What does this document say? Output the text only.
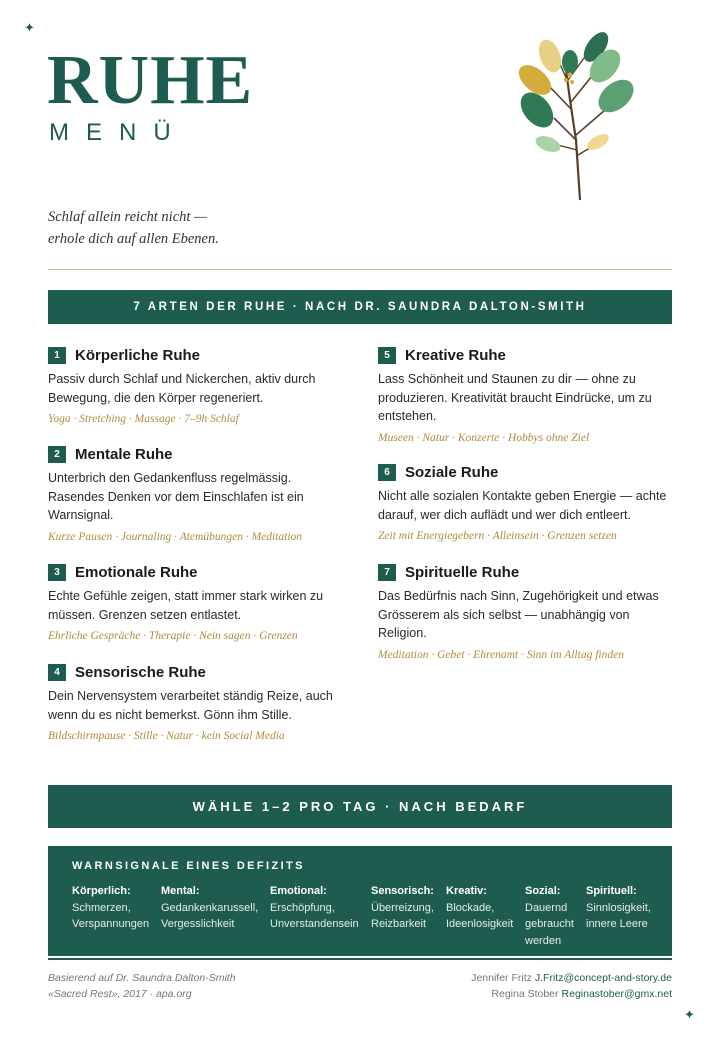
✦
✦
RUHE
MENÜ
Schlaf allein reicht nicht —
erhole dich auf allen Ebenen.
7 ARTEN DER RUHE · NACH DR. SAUNDRA DALTON-SMITH
1	Körperliche Ruhe
Passiv durch Schlaf und Nickerchen, aktiv durch Bewegung, die den Körper regeneriert.
Yoga · Stretching · Massage · 7–9h Schlaf
2	Mentale Ruhe
Unterbrich den Gedankenfluss regelmässig. Rasendes Denken vor dem Einschlafen ist ein Warnsignal.
Kurze Pausen · Journaling · Atemübungen · Meditation
3	Emotionale Ruhe
Echte Gefühle zeigen, statt immer stark wirken zu müssen. Grenzen setzen entlastet.
Ehrliche Gespräche · Therapie · Nein sagen · Grenzen
4	Sensorische Ruhe
Dein Nervensystem verarbeitet ständig Reize, auch wenn du es nicht bemerkst. Gönn ihm Stille.
Bildschirmpause · Stille · Natur · kein Social Media
5	Kreative Ruhe
Lass Schönheit und Staunen zu dir — ohne zu produzieren. Kreativität braucht Eindrücke, um zu entstehen.
Museen · Natur · Konzerte · Hobbys ohne Ziel
6	Soziale Ruhe
Nicht alle sozialen Kontakte geben Energie — achte darauf, wer dich auflädt und wer dich entleert.
Zeit mit Energiegebern · Alleinsein · Grenzen setzen
7	Spirituelle Ruhe
Das Bedürfnis nach Sinn, Zugehörigkeit und etwas Grösserem als sich selbst — unabhängig von Religion.
Meditation · Gebet · Ehrenamt · Sinn im Alltag finden
WÄHLE 1–2 PRO TAG · NACH BEDARF
WARNSIGNALE EINES DEFIZITS
Körperlich:
Schmerzen, Verspannungen
Mental:
Gedankenkarussell, Vergesslichkeit
Emotional:
Erschöpfung, Unverstandensein
Sensorisch:
Überreizung, Reizbarkeit
Kreativ:
Blockade, Ideenlosigkeit
Sozial:
Dauernd gebraucht werden
Spirituell:
Sinnlosigkeit, innere Leere
Basierend auf Dr. Saundra Dalton-Smith
«Sacred Rest», 2017 · apa.org
Jennifer Fritz J.Fritz@concept-and-story.de
Regina Stober Reginastober@gmx.net
